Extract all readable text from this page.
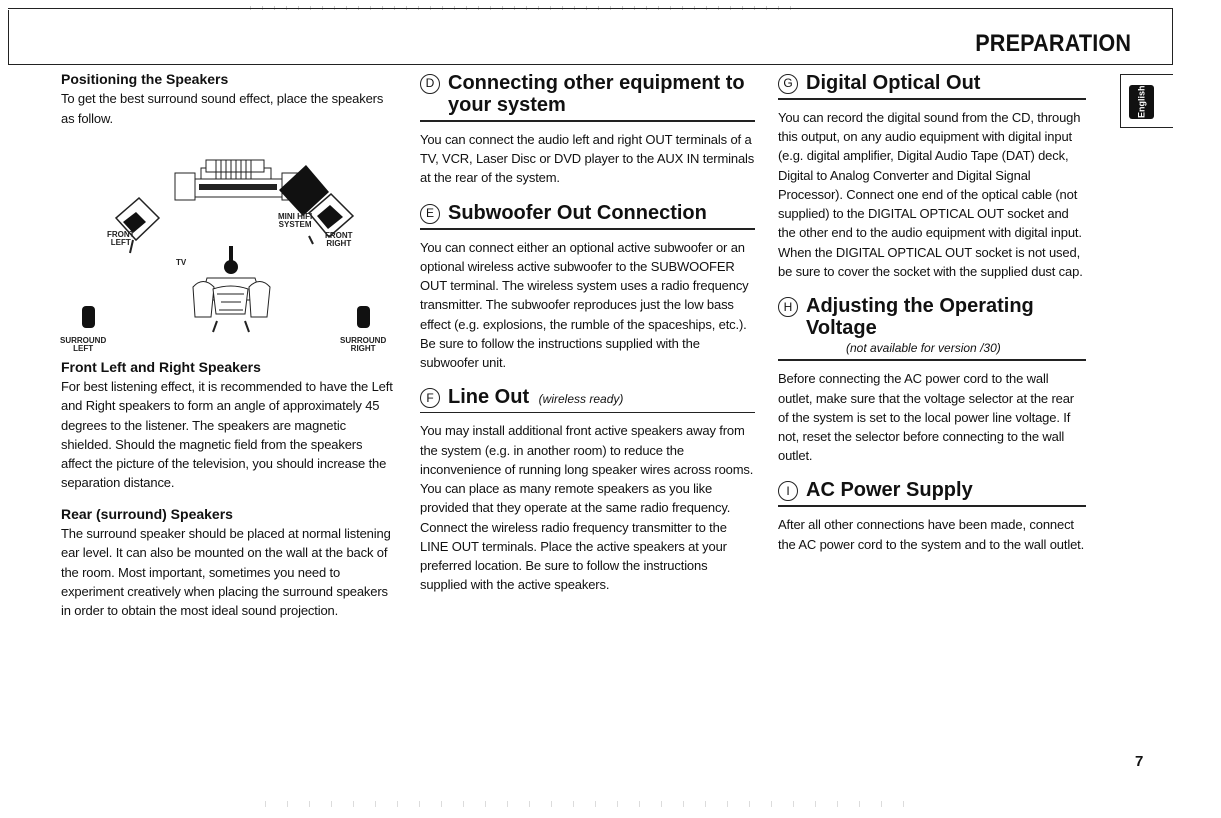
PREPARATION
English
Positioning the Speakers

To get the best surround sound effect, place the speakers as follow.

MINI HIFI
SYSTEM
FRONT
LEFT
FRONT
RIGHT
TV
SURROUND
LEFT
SURROUND
RIGHT
Front Left and Right Speakers

For best listening effect, it is recommended to have the Left and Right speakers to form an angle of approximately 45 degrees to the listener. The speakers are magnetic shielded. Should the magnetic field from the speakers affect the picture of the television, you should increase the separation distance.

Rear (surround) Speakers

The surround speaker should be placed at normal listening ear level. It can also be mounted on the wall at the back of the room. Most important, sometimes you need to experiment creatively when placing the surround speakers in order to obtain the most ideal sound projection.

D Connecting other equipment to your system

You can connect the audio left and right OUT terminals of a TV, VCR, Laser Disc or DVD player to the AUX IN terminals at the rear of the system.

E Subwoofer Out Connection

You can connect either an optional active subwoofer or an optional wireless active subwoofer to the SUBWOOFER OUT terminal. The wireless system uses a radio frequency transmitter. The subwoofer reproduces just the low bass effect (e.g. explosions, the rumble of the spaceships, etc.). Be sure to follow the instructions supplied with the subwoofer unit.

F Line Out (wireless ready)

You may install additional front active speakers away from the system (e.g. in another room) to reduce the inconvenience of running long speaker wires across rooms. You can place as many remote speakers as you like provided that they operate at the same radio frequency. Connect the wireless radio frequency transmitter to the LINE OUT terminals. Place the active speakers at your preferred location. Be sure to follow the instructions supplied with the active speakers.

G Digital Optical Out

You can record the digital sound from the CD, through this output, on any audio equipment with digital input (e.g. digital amplifier, Digital Audio Tape (DAT) deck, Digital to Analog Converter and Digital Signal Processor). Connect one end of the optical cable (not supplied) to the DIGITAL OPTICAL OUT socket and the other end to the audio equipment with digital input. When the DIGITAL OPTICAL OUT socket is not used, be sure to cover the socket with the supplied dust cap.

H Adjusting the Operating Voltage
(not available for version /30)

Before connecting the AC power cord to the wall outlet, make sure that the voltage selector at the rear of the system is set to the local power line voltage. If not, reset the selector before connecting to the wall outlet.

I AC Power Supply

After all other connections have been made, connect the AC power cord to the system and to the wall outlet.

7
